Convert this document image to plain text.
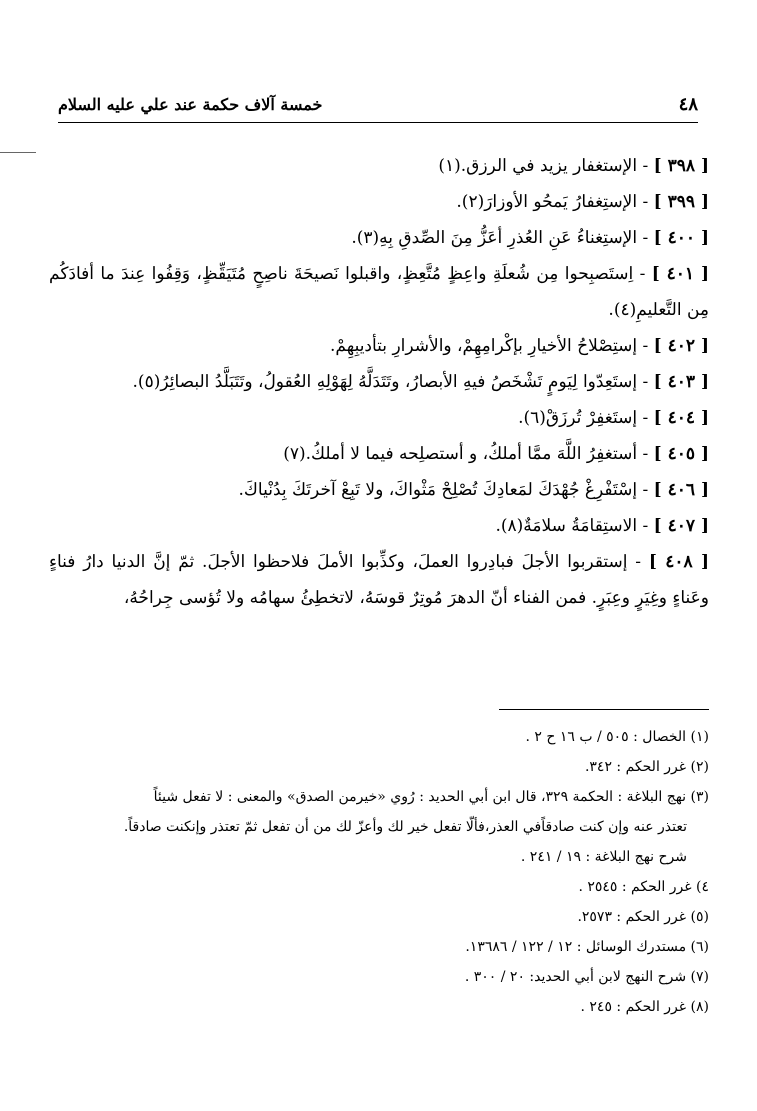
٤٨
خمسة آلاف حكمة عند علي عليه السلام

[ ٣٩٨ ] - الإستغفار يزيد في الرزق.(١)

[ ٣٩٩ ] - الإستِغفارُ يَمحُو الأوزارَ(٢).

[ ٤٠٠ ] - الإستِغناءُ عَنِ العُذرِ أعَزُّ مِنَ الصِّدقِ بِهِ(٣).

[ ٤٠١ ] - اِستَصبِحوا مِن شُعلَةِ واعِظٍ مُتَّعِظٍ، واقبلوا نَصيحَةَ ناصِحٍ مُتَيَقِّظٍ، وَقِفُوا عِندَ ما أفادَكُم مِن التَّعليمِ(٤).

[ ٤٠٢ ] - إستِصْلاحُ الأخيارِ بإكْرامِهِمْ، والأشرارِ بتأديبِهِمْ.

[ ٤٠٣ ] - إستَعِدّوا لِيَومٍ تَشْخَصُ فيهِ الأبصارُ، وتَتَدَلَّهُ لِهَوْلِهِ العُقولُ، وتَتَبَلَّدُ البصائِرُ(٥).

[ ٤٠٤ ] - إستَغفِرْ تُرزَقْ(٦).

[ ٤٠٥ ] - أستغفِرُ اللَّهَ ممَّا أملكُ، و أستصلِحه فيما لا أملكُ.(٧)

[ ٤٠٦ ] - إسْتَفْرِغْ جُهْدَكَ لمَعادِكَ تُصْلِحْ مَثْواكَ، ولا تَبِعْ آخرتَكَ بِدُنْياكَ.

[ ٤٠٧ ] - الاستِقامَةُ سلامَةٌ(٨).

[ ٤٠٨ ] - إستقربوا الأجلَ فبادِروا العملَ، وكذِّبوا الأملَ فلاحظوا الأجلَ. ثمّ إنَّ الدنيا دارُ فناءٍ وعَناءٍ وغِيَرٍ وعِبَرٍ. فمن الفناء أنّ الدهرَ مُوتِرٌ قوسَهُ، لاتخطِئُ سهامُه ولا تُؤسى جِراحُهُ،

(١) الخصال : ٥٠٥ / ب ١٦ ح ٢ .

(٢) غرر الحكم : ٣٤٢.

(٣) نهج البلاغة : الحكمة ٣٢٩، قال ابن أبي الحديد : رُوي «خيرمن الصدق» والمعنى : لا تفعل شيئاً

تعتذر عنه وإن كنت صادقاًفي العذر،فألّا تفعل خير لك وأعزّ لك من أن تفعل ثمّ تعتذر وإنكنت صادقاً.

شرح نهج البلاغة : ١٩ / ٢٤١ .

٤) غرر الحكم : ٢٥٤٥ .

(٥) غرر الحكم : ٢٥٧٣.

(٦) مستدرك الوسائل : ١٢ / ١٢٢ / ١٣٦٨٦.

(٧) شرح النهج لابن أبي الحديد: ٢٠ / ٣٠٠ .

(٨) غرر الحكم : ٢٤٥ .
